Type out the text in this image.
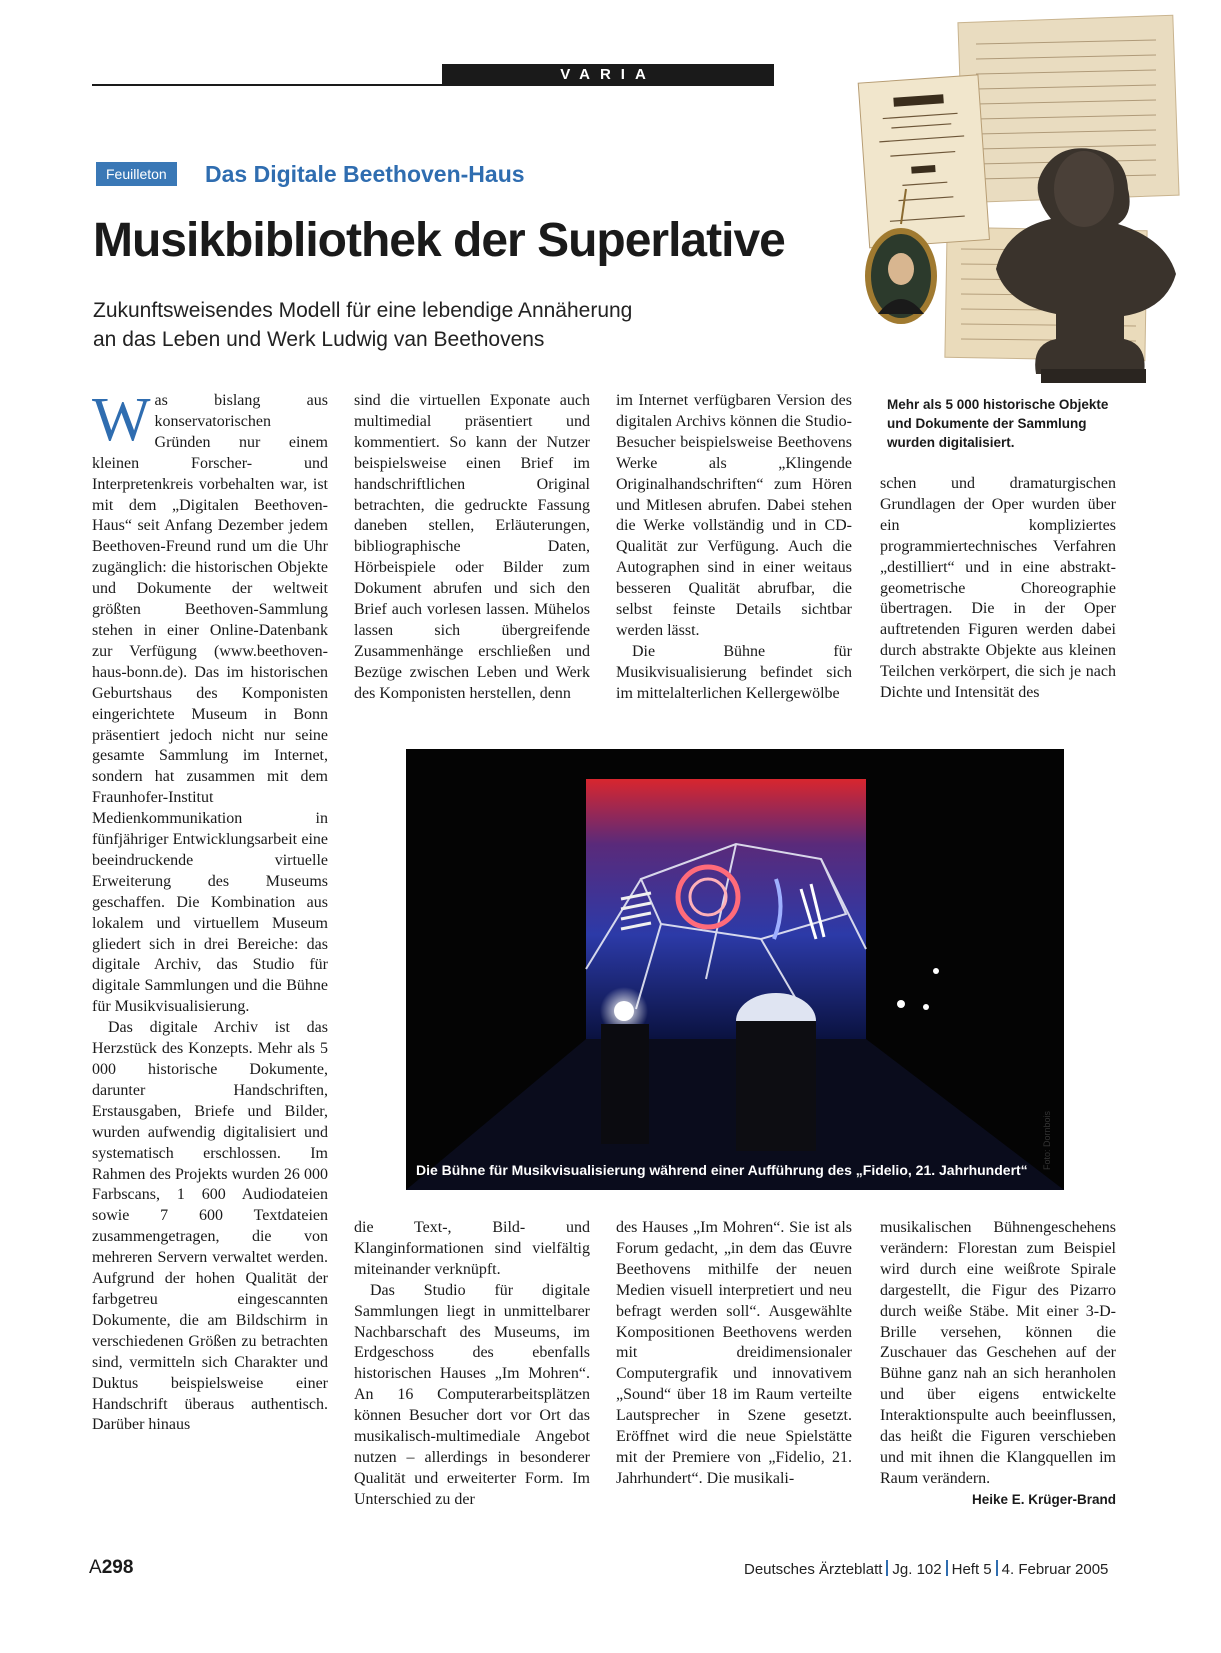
VARIA
Feuilleton	Das Digitale Beethoven-Haus
Musikbibliothek der Superlative
Zukunftsweisendes Modell für eine lebendige Annäherung
an das Leben und Werk Ludwig van Beethovens
Mehr als 5 000 historische Objekte und Dokumente der Sammlung wurden digitalisiert.

Was bislang aus konservatorischen Gründen nur einem kleinen Forscher- und Interpretenkreis vorbehalten war, ist mit dem „Digitalen Beethoven-Haus“ seit Anfang Dezember jedem Beethoven-Freund rund um die Uhr zugänglich: die historischen Objekte und Dokumente der weltweit größten Beethoven-Sammlung stehen in einer Online-Datenbank zur Verfügung (www.beethoven-haus-bonn.de). Das im historischen Geburtshaus des Komponisten eingerichtete Museum in Bonn präsentiert jedoch nicht nur seine gesamte Sammlung im Internet, sondern hat zusammen mit dem Fraunhofer-Institut Medienkommunikation in fünfjähriger Entwicklungsarbeit eine beeindruckende virtuelle Erweiterung des Museums geschaffen. Die Kombination aus lokalem und virtuellem Museum gliedert sich in drei Bereiche: das digitale Archiv, das Studio für digitale Sammlungen und die Bühne für Musikvisualisierung.

Das digitale Archiv ist das Herzstück des Konzepts. Mehr als 5 000 historische Dokumente, darunter Handschriften, Erstausgaben, Briefe und Bilder, wurden aufwendig digitalisiert und systematisch erschlossen. Im Rahmen des Projekts wurden 26 000 Farbscans, 1 600 Audiodateien sowie 7 600 Textdateien zusammengetragen, die von mehreren Servern verwaltet werden. Aufgrund der hohen Qualität der farbgetreu eingescannten Dokumente, die am Bildschirm in verschiedenen Größen zu betrachten sind, vermitteln sich Charakter und Duktus beispielsweise einer Handschrift überaus authentisch. Darüber hinaus

sind die virtuellen Exponate auch multimedial präsentiert und kommentiert. So kann der Nutzer beispielsweise einen Brief im handschriftlichen Original betrachten, die gedruckte Fassung daneben stellen, Erläuterungen, bibliographische Daten, Hörbeispiele oder Bilder zum Dokument abrufen und sich den Brief auch vorlesen lassen. Mühelos lassen sich übergreifende Zusammenhänge erschließen und Bezüge zwischen Leben und Werk des Komponisten herstellen, denn

im Internet verfügbaren Version des digitalen Archivs können die Studio-Besucher beispielsweise Beethovens Werke als „Klingende Originalhandschriften“ zum Hören und Mitlesen abrufen. Dabei stehen die Werke vollständig und in CD-Qualität zur Verfügung. Auch die Autographen sind in einer weitaus besseren Qualität abrufbar, die selbst feinste Details sichtbar werden lässt.

Die Bühne für Musikvisualisierung befindet sich im mittelalterlichen Kellergewölbe

schen und dramaturgischen Grundlagen der Oper wurden über ein kompliziertes programmiertechnisches Verfahren „destilliert“ und in eine abstrakt-geometrische Choreographie übertragen. Die in der Oper auftretenden Figuren werden dabei durch abstrakte Objekte aus kleinen Teilchen verkörpert, die sich je nach Dichte und Intensität des

Die Bühne für Musikvisualisierung während einer Aufführung des „Fidelio, 21. Jahrhundert“ Foto: Dornbois

die Text-, Bild- und Klanginformationen sind vielfältig miteinander verknüpft.

Das Studio für digitale Sammlungen liegt in unmittelbarer Nachbarschaft des Museums, im Erdgeschoss des ebenfalls historischen Hauses „Im Mohren“. An 16 Computerarbeitsplätzen können Besucher dort vor Ort das musikalisch-multimediale Angebot nutzen – allerdings in besonderer Qualität und erweiterter Form. Im Unterschied zu der

des Hauses „Im Mohren“. Sie ist als Forum gedacht, „in dem das Œuvre Beethovens mithilfe der neuen Medien visuell interpretiert und neu befragt werden soll“. Ausgewählte Kompositionen Beethovens werden mit dreidimensionaler Computergrafik und innovativem „Sound“ über 18 im Raum verteilte Lautsprecher in Szene gesetzt. Eröffnet wird die neue Spielstätte mit der Premiere von „Fidelio, 21. Jahrhundert“. Die musikali-

musikalischen Bühnengeschehens verändern: Florestan zum Beispiel wird durch eine weißrote Spirale dargestellt, die Figur des Pizarro durch weiße Stäbe. Mit einer 3-D-Brille versehen, können die Zuschauer das Geschehen auf der Bühne ganz nah an sich heranholen und über eigens entwickelte Interaktionspulte auch beeinflussen, das heißt die Figuren verschieben und mit ihnen die Klangquellen im Raum verändern.
Heike E. Krüger-Brand

A298	Deutsches Ärzteblatt Jg. 102 Heft 5 4. Februar 2005
